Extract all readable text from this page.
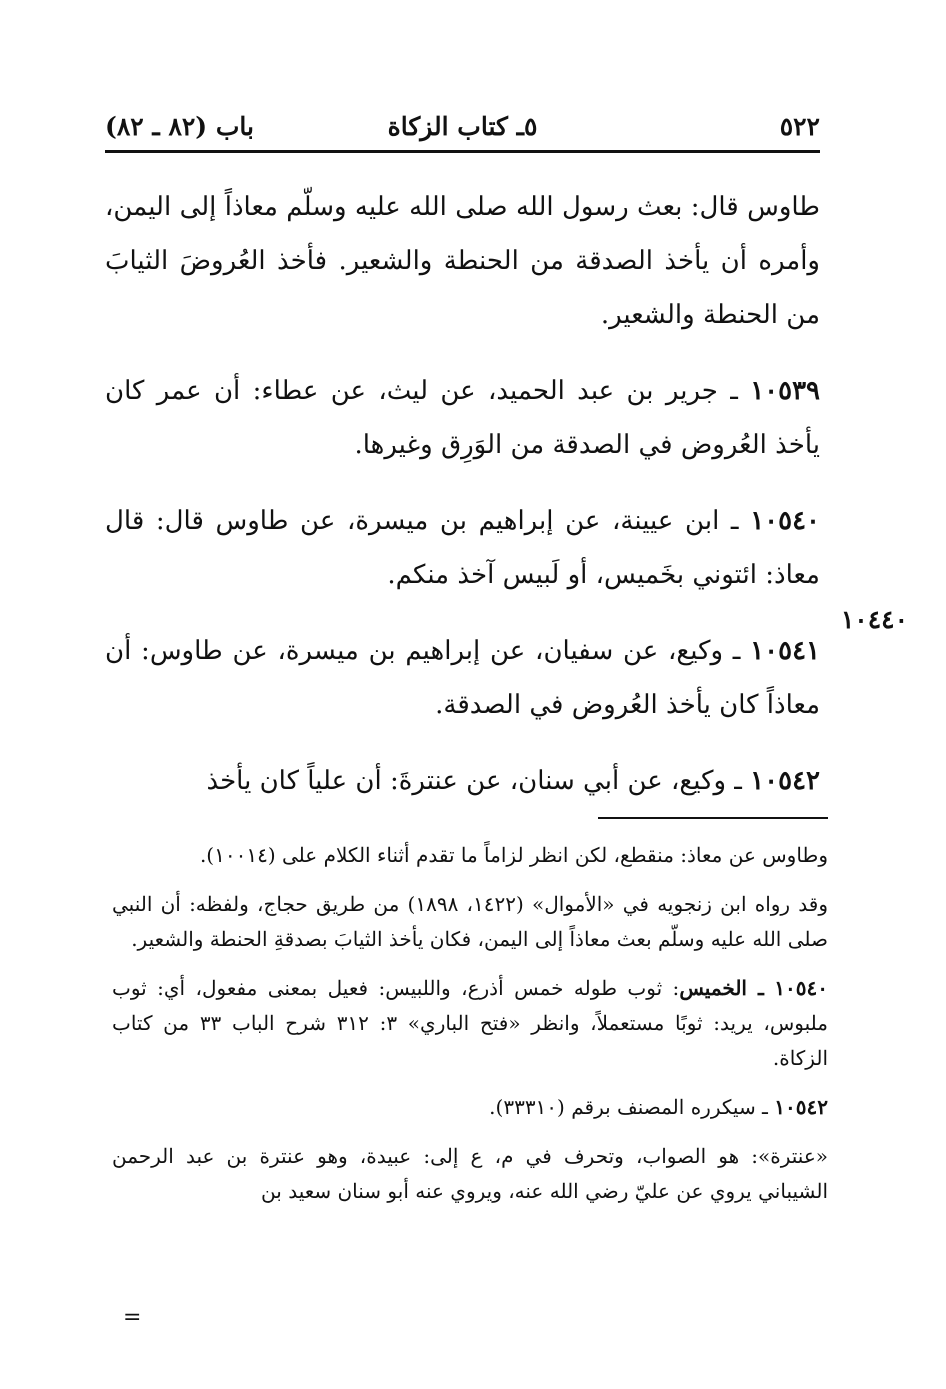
٥٢٢
٥ـ كتاب الزكاة
باب (٨٢ ـ ٨٢)

طاوس قال: بعث رسول الله صلى الله عليه وسلّم معاذاً إلى اليمن، وأمره أن يأخذ الصدقة من الحنطة والشعير. فأخذ العُروضَ الثيابَ من الحنطة والشعير.

١٠٥٣٩ ـ جرير بن عبد الحميد، عن ليث، عن عطاء: أن عمر كان يأخذ العُروض في الصدقة من الوَرِق وغيرها.

١٠٥٤٠ ـ ابن عيينة، عن إبراهيم بن ميسرة، عن طاوس قال: قال معاذ: ائتوني بخَميس، أو لَبيس آخذ منكم.

١٠٥٤١ ـ وكيع، عن سفيان، عن إبراهيم بن ميسرة، عن طاوس: أن معاذاً كان يأخذ العُروض في الصدقة.

١٠٥٤٢ ـ وكيع، عن أبي سنان، عن عنترةَ: أن علياً كان يأخذ

١٠٤٤٠

وطاوس عن معاذ: منقطع، لكن انظر لزاماً ما تقدم أثناء الكلام على (١٠٠١٤).

وقد رواه ابن زنجويه في «الأموال» (١٤٢٢، ١٨٩٨) من طريق حجاج، ولفظه: أن النبي صلى الله عليه وسلّم بعث معاذاً إلى اليمن، فكان يأخذ الثيابَ بصدقةِ الحنطة والشعير.

١٠٥٤٠ ـ الخميس: ثوب طوله خمس أذرع، واللبيس: فعيل بمعنى مفعول، أي: ثوب ملبوس، يريد: ثوبًا مستعملاً، وانظر «فتح الباري» ٣: ٣١٢ شرح الباب ٣٣ من كتاب الزكاة.

١٠٥٤٢ ـ سيكرره المصنف برقم (٣٣٣١٠).

«عنترة»: هو الصواب، وتحرف في م، ع إلى: عبيدة، وهو عنترة بن عبد الرحمن الشيباني يروي عن عليّ رضي الله عنه، ويروي عنه أبو سنان سعيد بن

=
